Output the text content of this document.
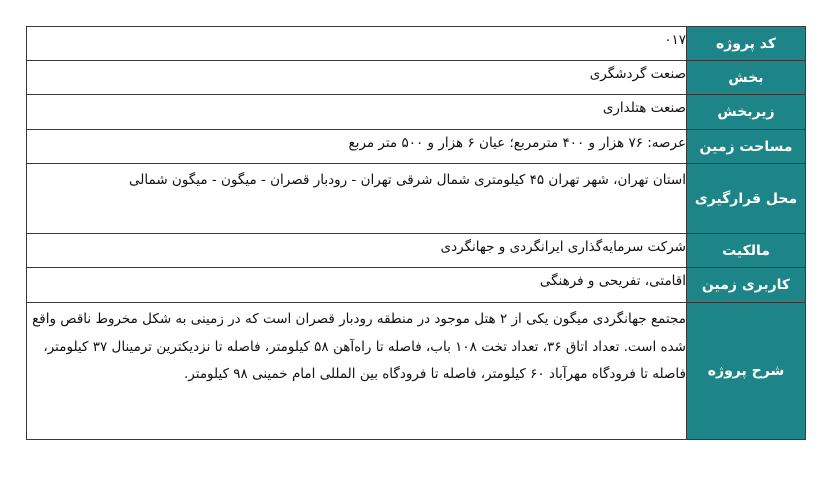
کد پروژه	۰۱۷
بخش	صنعت گردشگری
زیربخش	صنعت هتلداری
مساحت زمین	عرصه: ۷۶ هزار و ۴۰۰ مترمربع؛ عیان ۶ هزار و ۵۰۰ متر مربع
محل قرارگیری	استان تهران، شهر تهران ۴۵ کیلومتری شمال شرقی تهران - رودبار قصران - میگون - میگون شمالی
مالکیت	شرکت سرمایه‌گذاری ایرانگردی و جهانگردی
کاربری زمین	اقامتی، تفریحی و فرهنگی
شرح پروژه	مجتمع جهانگردی میگون یکی از ۲ هتل موجود در منطقه رودبار قصران است که در زمینی به شکل مخروط ناقص واقع شده است. تعداد اتاق ۳۶، تعداد تخت ۱۰۸ باب، فاصله تا راه‌آهن ۵۸ کیلومتر، فاصله تا نزدیکترین ترمینال ۳۷ کیلومتر، فاصله تا فرودگاه مهرآباد ۶۰ کیلومتر، فاصله تا فرودگاه بین المللی امام خمینی ۹۸ کیلومتر.
